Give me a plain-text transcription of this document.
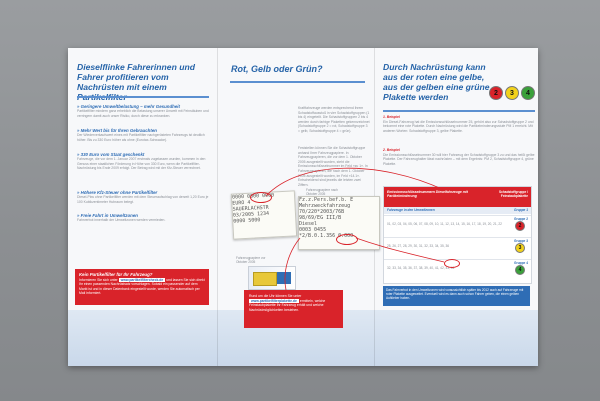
Dieselflinke Fahrerinnen und Fahrer profitieren vom Nachrüsten mit einem

» Geringere Umweltbelastung – mehr Gesundheit
Partikelfilter mindern ganz erheblich die Belastung unserer Umwelt mit Feinstäuben und verringern damit auch unser Risiko, durch diese zu erkranken.
» Mehr Wert bis für Ihren Gebrauchten
Der Wiederverkaufswert eines mit Partikelfilter nachgerüsteten Fahrzeugs ist deutlich höher. Bis zu 330 Euro höher als ohne (Eurotax-Schwacke).
» 330 Euro vom Staat geschenkt
Fahrzeuge, die vor dem 1. Januar 2007 erstmals zugelassen wurden, kommen in den Genuss einer staatlichen Förderung in Höhe von 330 Euro, wenn die Partikelfilter-Nachrüstung bis Ende 2009 erfolgt. Der Betrag wird mit der Kfz-Steuer verrechnet.
» Höhere Kfz-Steuer ohne Partikelfilter
Diesel-Pkw ohne Partikelfilter werden mit dem Steueraufschlag von derzeit 1,20 Euro je 100 Kubikzentimeter Hubraum belegt.
» Freie Fahrt in Umweltzonen
Fahrverbot innerhalb der Umweltzonen werden vermieden.
Kein Partikelfilter für Ihr Fahrzeug?
Informieren Sie sich unter www.partikelfiltercheck.de und lassen Sie sich direkt Ihr einen passenden Nachrüstsatz vorschlagen. Sobald ein passender auf dem Markt ist und in dieser Datenbank eingestellt wurde, werden Sie automatisch per Mail informiert.

Rot, Gelb oder Grün?

Kraftfahrzeuge werden entsprechend ihrem Schadstoffausstoß in vier Schadstoffgruppen (1 bis 4) eingeteilt. Die Schadstoffgruppen 2 bis 4 werden durch farbige Plaketten gekennzeichnet (Schadstoffgruppe 2 = rot, Schadstoffgruppe 3 = gelb, Schadstoffgruppe 4 = grün).
Feststellen können Sie die Schadstoffgruppe anhand Ihrer Fahrzeugpapiere. In Fahrzeugpapieren, die vor dem 1. Oktober 2005 ausgestellt wurden, steht die Emissionsschlüsselnummer im Feld »zu 1«. In Fahrzeugpapieren, die nach dem 1. Oktober 2005 ausgestellt wurden, im Feld »14.1«. Entscheidend sind jeweils die letzten zwei Ziffern.

Durch Nachrüstung kann aus der roten eine gelbe, aus der gelben eine grüne Plakette werden

1. Beispiel
Ein Diesel-Fahrzeug hat die Emissionsschlüsselnummer 25, gehört also zur Schadstoffgruppe 2 und bekommt eine rote Plakette. Durch Nachrüstung wird die Partikelminderungsstufe PM 1 erreicht. Mit anderen Worten: Schadstoffgruppe 3, gelbe Plakette.
2. Beispiel
Die Emissionsschlüsselnummer 30 will hier Fahrzeug der Schadstoffgruppe 3 zu und das heißt gelbe Plakette. Der Fahrzeughalter lässt nachrüsten – mit dem Ergebnis: PM 2, Schadstoffgruppe 4, grüne Plakette.
2 3 4
0000 0000 0000
EURO 4
SAUERLACHSTR
03/2005 1234
0000 5000
Fz.z.Pers.bef.b. E
Mehrzweckfahrzeug
70/220*2003/76B
98/69/EG III/B
Diesel
0003 0455
*2/B.0.1.356 0.000
Fahrzeugpapiere nach Oktober 2005
Fahrzeugpapiere vor Oktober 2005
Rund um die Uhr können Sie unter www.partikelfilterplakette.de ermitteln, welche Feinstaubplakette Ihr Fahrzeug erhält und welche Nachrüstmöglichkeiten bestehen.
Emissionsschlüsselnummern Dieselfahrzeuge mit Partikelminderung
Schadstoffgruppe / Feinstaubplakette
Fahrzeuge in den Umweltzonen	Gruppe 1
01, 02, 03, 04, 05, 06, 07, 08, 09, 10, 11, 12, 13, 14, 15, 16, 17, 18, 19, 20, 21, 22
Gruppe 2
2
25, 26, 27, 28, 29, 30, 31, 32, 33, 34, 35, 36
Gruppe 3
3
32, 33, 34, 35, 36, 37, 38, 39, 40, 41, 42, 43, 44
Gruppe 4
4
Das Fahrverbot in den Umweltzonen wird voraussichtlich später bis 2012 auch auf Fahrzeuge mit roter Plakette ausgeweitet. Eventuell wird es dann auch schon Fahrer geben, die einen gelben Aufkleber haben.
